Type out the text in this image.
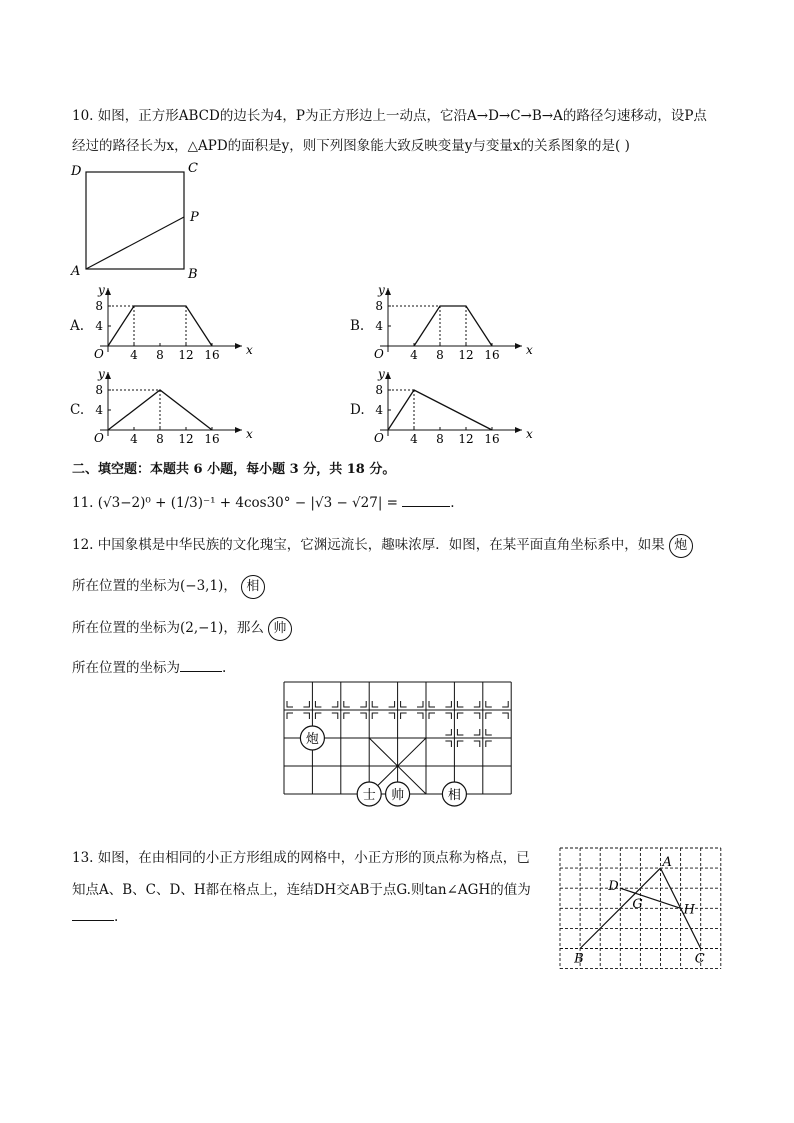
10. 如图，正方形ABCD的边长为4，P为正方形边上一动点，它沿A→D→C→B→A的路径匀速移动，设P点
经过的路径长为x，△APD的面积是y，则下列图象能大致反映变量y与变量x的关系图象的是( )
D	C
P
A	B
A.
x
y
O 4 8 12 16
4
8
B.
x
y
O 4 8 12 16
4
8
C.
x
y
O 4 8 12 16
4
8
D.
x
y
O 4 8 12 16
4
8
二、填空题：本题共 6 小题，每小题 3 分，共 18 分。
11. (√3−2)⁰ + (1/3)⁻¹ + 4cos30° − |√3 − √27| =	.
12. 中国象棋是中华民族的文化瑰宝，它渊远流长，趣味浓厚．如图，在某平面直角坐标系中，如果 炮
所在位置的坐标为(−3,1)， 相
所在位置的坐标为(2,−1)，那么 帅
所在位置的坐标为	.
炮
士 帅	相
13. 如图，在由相同的小正方形组成的网格中，小正方形的顶点称为格点，已
知点A、B、C、D、H都在格点上，连结DH交AB于点G.则tan∠AGH的值为
.
A
D
G	H
B	C
